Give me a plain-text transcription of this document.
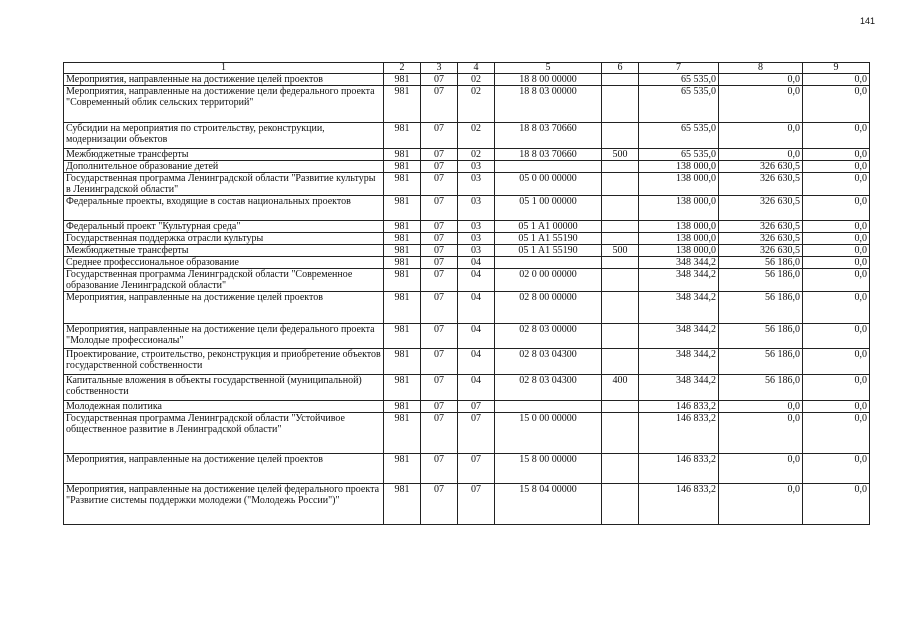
141
1	2	3	4	5	6	7	8	9
Мероприятия, направленные на достижение целей проектов	981	07	02	18 8 00 00000		65 535,0	0,0	0,0
Мероприятия, направленные на достижение цели федерального проекта "Современный облик сельских территорий"	981	07	02	18 8 03 00000		65 535,0	0,0	0,0
Субсидии на мероприятия по строительству, реконструкции, модернизации объектов	981	07	02	18 8 03 70660		65 535,0	0,0	0,0
Межбюджетные трансферты	981	07	02	18 8 03 70660	500	65 535,0	0,0	0,0
Дополнительное образование детей	981	07	03			138 000,0	326 630,5	0,0
Государственная программа Ленинградской области "Развитие культуры в Ленинградской области"	981	07	03	05 0 00 00000		138 000,0	326 630,5	0,0
Федеральные проекты, входящие в состав национальных проектов	981	07	03	05 1 00 00000		138 000,0	326 630,5	0,0
Федеральный проект "Культурная среда"	981	07	03	05 1 A1 00000		138 000,0	326 630,5	0,0
Государственная поддержка отрасли культуры	981	07	03	05 1 A1 55190		138 000,0	326 630,5	0,0
Межбюджетные трансферты	981	07	03	05 1 A1 55190	500	138 000,0	326 630,5	0,0
Среднее профессиональное образование	981	07	04			348 344,2	56 186,0	0,0
Государственная программа Ленинградской области "Современное образование Ленинградской области"	981	07	04	02 0 00 00000		348 344,2	56 186,0	0,0
Мероприятия, направленные на достижение целей проектов	981	07	04	02 8 00 00000		348 344,2	56 186,0	0,0
Мероприятия, направленные на достижение цели федерального проекта "Молодые профессионалы"	981	07	04	02 8 03 00000		348 344,2	56 186,0	0,0
Проектирование, строительство, реконструкция и приобретение объектов государственной собственности	981	07	04	02 8 03 04300		348 344,2	56 186,0	0,0
Капитальные вложения в объекты государственной (муниципальной) собственности	981	07	04	02 8 03 04300	400	348 344,2	56 186,0	0,0
Молодежная политика	981	07	07			146 833,2	0,0	0,0
Государственная программа Ленинградской области "Устойчивое общественное развитие в Ленинградской области"	981	07	07	15 0 00 00000		146 833,2	0,0	0,0
Мероприятия, направленные на достижение целей проектов	981	07	07	15 8 00 00000		146 833,2	0,0	0,0
Мероприятия, направленные на достижение целей федерального проекта "Развитие системы поддержки молодежи ("Молодежь России")"	981	07	07	15 8 04 00000		146 833,2	0,0	0,0
